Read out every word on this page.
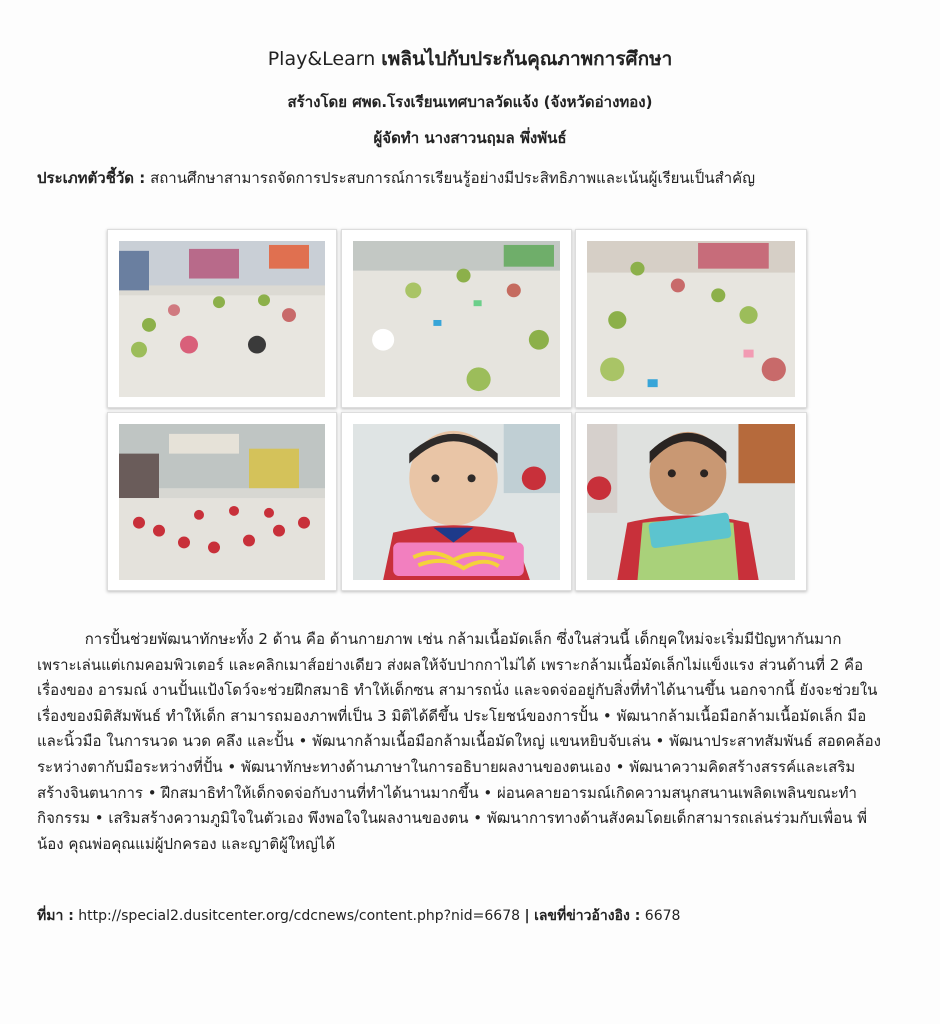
Play&Learn เพลินไปกับประกันคุณภาพการศึกษา
สร้างโดย ศพด.โรงเรียนเทศบาลวัดแจ้ง (จังหวัดอ่างทอง)
ผู้จัดทำ นางสาวนฤมล พึ่งพันธ์
ประเภทตัวชี้วัด : สถานศึกษาสามารถจัดการประสบการณ์การเรียนรู้อย่างมีประสิทธิภาพและเน้นผู้เรียนเป็นสำคัญ
การปั้นช่วยพัฒนาทักษะทั้ง 2 ด้าน คือ ด้านกายภาพ เช่น กล้ามเนื้อมัดเล็ก ซึ่งในส่วนนี้ เด็กยุคใหม่จะเริ่มมีปัญหากันมาก เพราะเล่นแต่เกมคอมพิวเตอร์ และคลิกเมาส์อย่างเดียว ส่งผลให้จับปากกาไม่ได้ เพราะกล้ามเนื้อมัดเล็กไม่แข็งแรง ส่วนด้านที่ 2 คือเรื่องของ อารมณ์ งานปั้นแป้งโดว์จะช่วยฝึกสมาธิ ทำให้เด็กซน สามารถนั่ง และจดจ่ออยู่กับสิ่งที่ทำได้นานขึ้น นอกจากนี้ ยังจะช่วยในเรื่องของมิติสัมพันธ์ ทำให้เด็ก สามารถมองภาพที่เป็น 3 มิติได้ดีขึ้น ประโยชน์ของการปั้น • พัฒนากล้ามเนื้อมือกล้ามเนื้อมัดเล็ก มือและนิ้วมือ ในการนวด นวด คลึง และปั้น • พัฒนากล้ามเนื้อมือกล้ามเนื้อมัดใหญ่ แขนหยิบจับเล่น • พัฒนาประสาทสัมพันธ์ สอดคล้องระหว่างตากับมือระหว่างที่ปั้น • พัฒนาทักษะทางด้านภาษาในการอธิบายผลงานของตนเอง • พัฒนาความคิดสร้างสรรค์และเสริมสร้างจินตนาการ • ฝึกสมาธิทำให้เด็กจดจ่อกับงานที่ทำได้นานมากขึ้น • ผ่อนคลายอารมณ์เกิดความสนุกสนานเพลิดเพลินขณะทำกิจกรรม • เสริมสร้างความภูมิใจในตัวเอง พึงพอใจในผลงานของตน • พัฒนาการทางด้านสังคมโดยเด็กสามารถเล่นร่วมกับเพื่อน พี่น้อง คุณพ่อคุณแม่ผู้ปกครอง และญาติผู้ใหญ่ได้
ที่มา : http://special2.dusitcenter.org/cdcnews/content.php?nid=6678 | เลขที่ข่าวอ้างอิง : 6678
